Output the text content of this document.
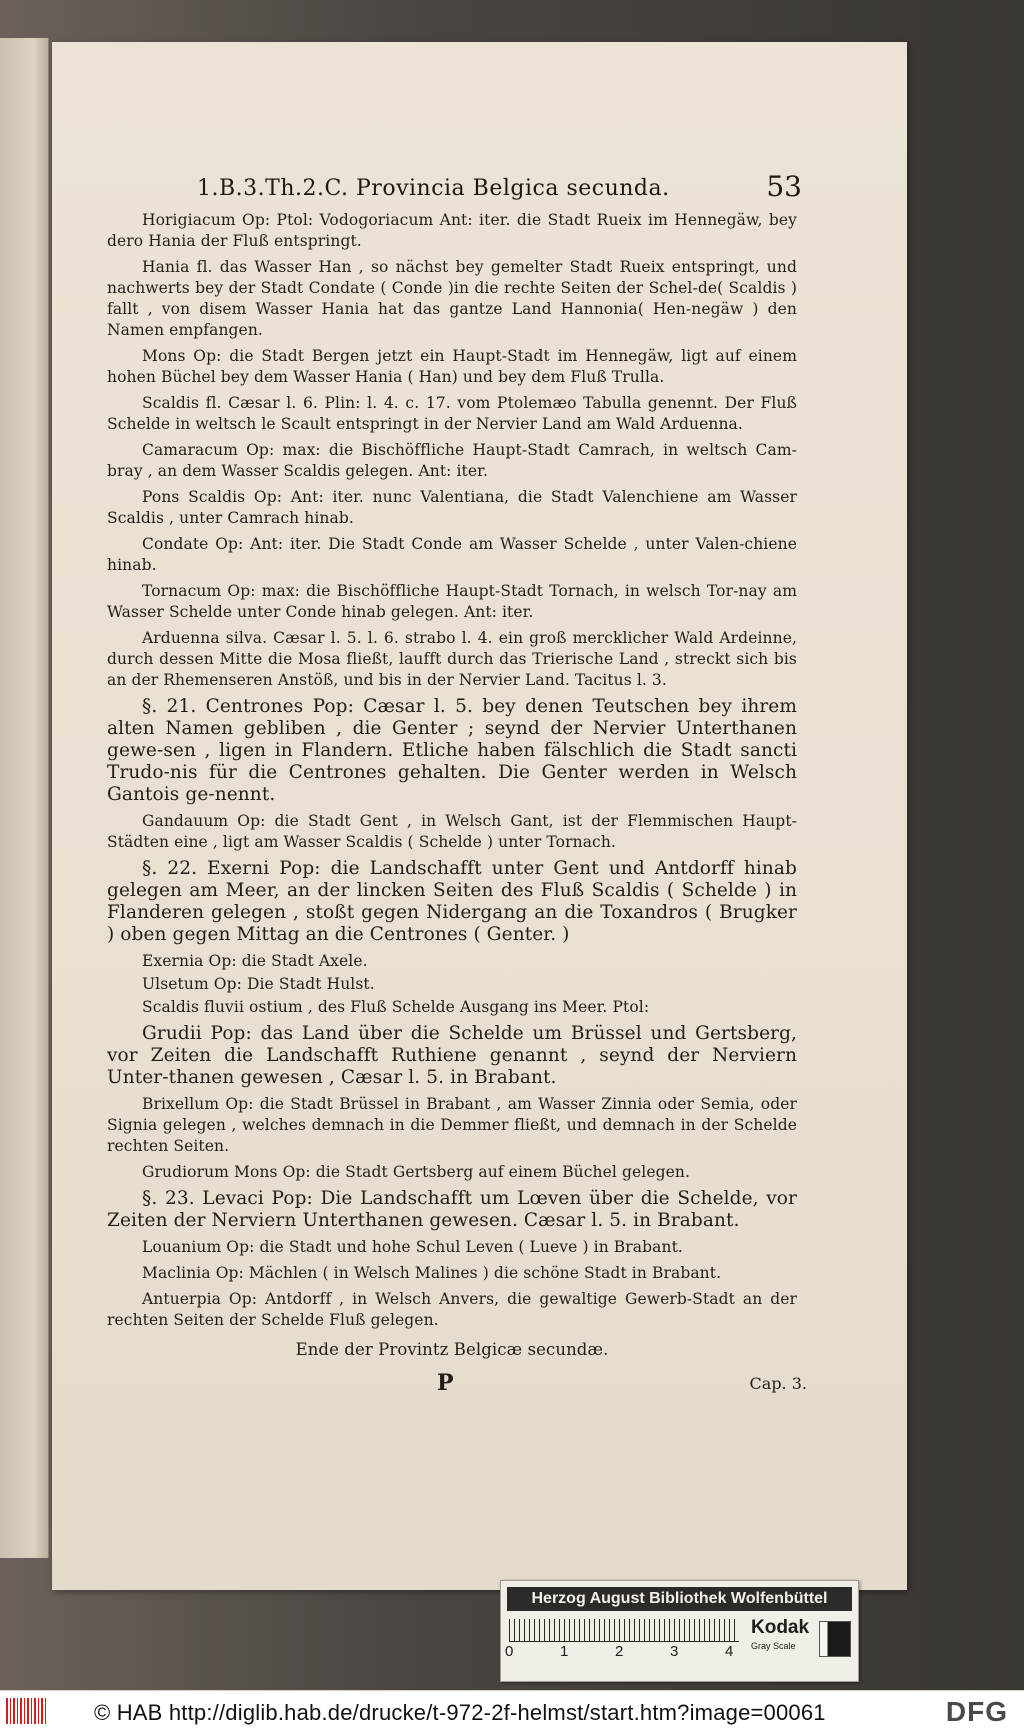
1.B.3.Th.2.C. Provincia Belgica secunda.	53

Horigiacum Op: Ptol: Vodogoriacum Ant: iter. die Stadt Rueix im Hennegäw, bey dero Hania der Fluß entspringt.

Hania fl. das Wasser Han , so nächst bey gemelter Stadt Rueix entspringt, und nachwerts bey der Stadt Condate ( Conde )in die rechte Seiten der Schel-de( Scaldis ) fallt , von disem Wasser Hania hat das gantze Land Hannonia( Hen-negäw ) den Namen empfangen.

Mons Op: die Stadt Bergen jetzt ein Haupt-Stadt im Hennegäw, ligt auf einem hohen Büchel bey dem Wasser Hania ( Han) und bey dem Fluß Trulla.

Scaldis fl. Cæsar l. 6. Plin: l. 4. c. 17. vom Ptolemæo Tabulla genennt. Der Fluß Schelde in weltsch le Scault entspringt in der Nervier Land am Wald Arduenna.

Camaracum Op: max: die Bischöffliche Haupt-Stadt Camrach, in weltsch Cam-bray , an dem Wasser Scaldis gelegen. Ant: iter.

Pons Scaldis Op: Ant: iter. nunc Valentiana, die Stadt Valenchiene am Wasser Scaldis , unter Camrach hinab.

Condate Op: Ant: iter. Die Stadt Conde am Wasser Schelde , unter Valen-chiene hinab.

Tornacum Op: max: die Bischöffliche Haupt-Stadt Tornach, in welsch Tor-nay am Wasser Schelde unter Conde hinab gelegen. Ant: iter.

Arduenna silva. Cæsar l. 5. l. 6. strabo l. 4. ein groß mercklicher Wald Ardeinne, durch dessen Mitte die Mosa fließt, laufft durch das Trierische Land , streckt sich bis an der Rhemenseren Anstöß, und bis in der Nervier Land. Tacitus l. 3.

§. 21. Centrones Pop: Cæsar l. 5. bey denen Teutschen bey ihrem alten Namen gebliben , die Genter ; seynd der Nervier Unterthanen gewe-sen , ligen in Flandern. Etliche haben fälschlich die Stadt sancti Trudo-nis für die Centrones gehalten. Die Genter werden in Welsch Gantois ge-nennt.

Gandauum Op: die Stadt Gent , in Welsch Gant, ist der Flemmischen Haupt-Städten eine , ligt am Wasser Scaldis ( Schelde ) unter Tornach.

§. 22. Exerni Pop: die Landschafft unter Gent und Antdorff hinab gelegen am Meer, an der lincken Seiten des Fluß Scaldis ( Schelde ) in Flanderen gelegen , stoßt gegen Nidergang an die Toxandros ( Brugker ) oben gegen Mittag an die Centrones ( Genter. )

Exernia Op: die Stadt Axele.

Ulsetum Op: Die Stadt Hulst.

Scaldis fluvii ostium , des Fluß Schelde Ausgang ins Meer. Ptol:

Grudii Pop: das Land über die Schelde um Brüssel und Gertsberg, vor Zeiten die Landschafft Ruthiene genannt , seynd der Nerviern Unter-thanen gewesen , Cæsar l. 5. in Brabant.

Brixellum Op: die Stadt Brüssel in Brabant , am Wasser Zinnia oder Semia, oder Signia gelegen , welches demnach in die Demmer fließt, und demnach in der Schelde rechten Seiten.

Grudiorum Mons Op: die Stadt Gertsberg auf einem Büchel gelegen.

§. 23. Levaci Pop: Die Landschafft um Lœven über die Schelde, vor Zeiten der Nerviern Unterthanen gewesen. Cæsar l. 5. in Brabant.

Louanium Op: die Stadt und hohe Schul Leven ( Lueve ) in Brabant.

Maclinia Op: Mächlen ( in Welsch Malines ) die schöne Stadt in Brabant.

Antuerpia Op: Antdorff , in Welsch Anvers, die gewaltige Gewerb-Stadt an der rechten Seiten der Schelde Fluß gelegen.

Ende der Provintz Belgicæ secundæ.

P	Cap. 3.
Herzog August Bibliothek Wolfenbüttel
0	1	2	3	4
Kodak
Gray Scale
© HAB http://diglib.hab.de/drucke/t-972-2f-helmst/start.htm?image=00061	DFG
